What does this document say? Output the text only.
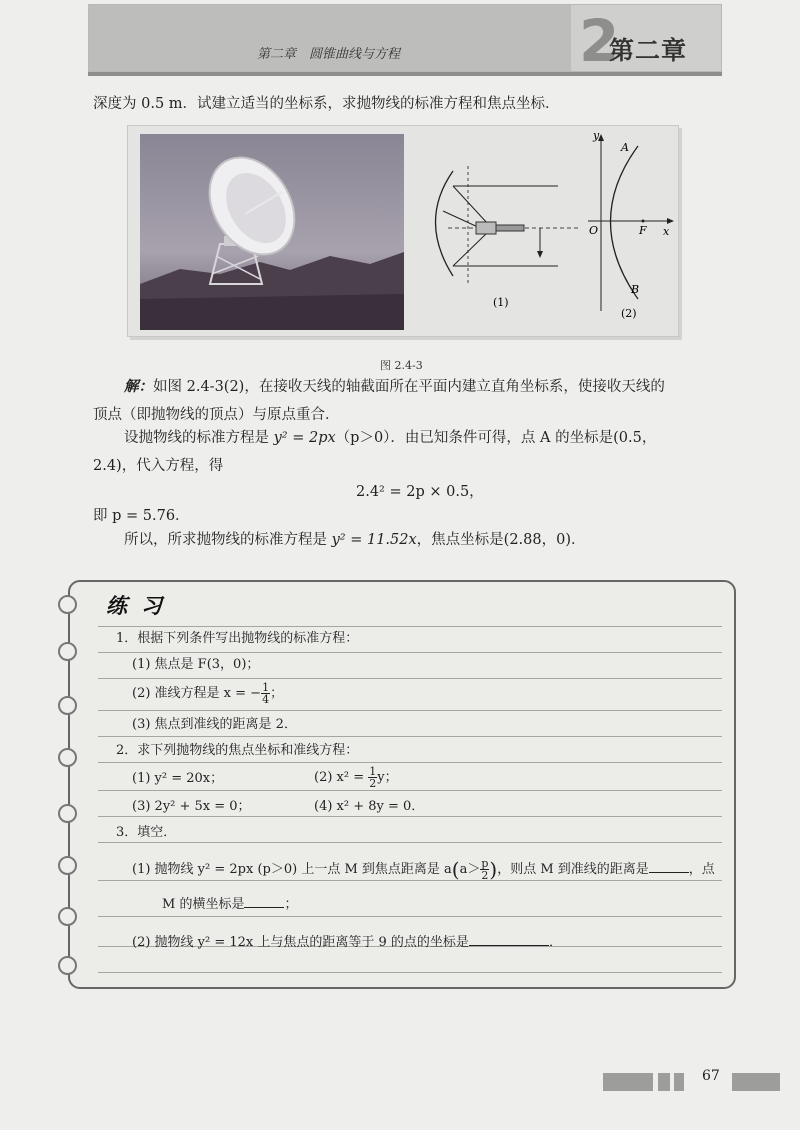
第二章　圆锥曲线与方程	2
第二章
深度为 0.5 m．试建立适当的坐标系，求抛物线的标准方程和焦点坐标．
(1)
y
x
O	F
A
B
(2)
图 2.4-3
解：如图 2.4-3(2)，在接收天线的轴截面所在平面内建立直角坐标系，使接收天线的
顶点（即抛物线的顶点）与原点重合．
设抛物线的标准方程是 y² = 2px（p＞0）．由已知条件可得，点 A 的坐标是(0.5，
2.4)，代入方程，得
2.4² = 2p × 0.5，
即 p = 5.76．
所以，所求抛物线的标准方程是 y² = 11.52x，焦点坐标是(2.88，0)．
练习
1．根据下列条件写出抛物线的标准方程：
(1) 焦点是 F(3，0)；
(2) 准线方程是 x = − $\frac{1}{4}$ ；
(3) 焦点到准线的距离是 2．
2．求下列抛物线的焦点坐标和准线方程：
(1) y² = 20x；	(2) $x^2 = \frac{1}{2}$ y；
(3) 2y² + 5x = 0；	(4) x² + 8y = 0．
3．填空．
(1) 抛物线 y² = 2px (p＞0) 上一点 M 到焦点距离是 $a(a> \frac{p}{2}$ )，则点 M 到准线的距离是	，点
M 的横坐标是	；
(2) 抛物线 y² = 12x 上与焦点的距离等于 9 的点的坐标是	．
67
